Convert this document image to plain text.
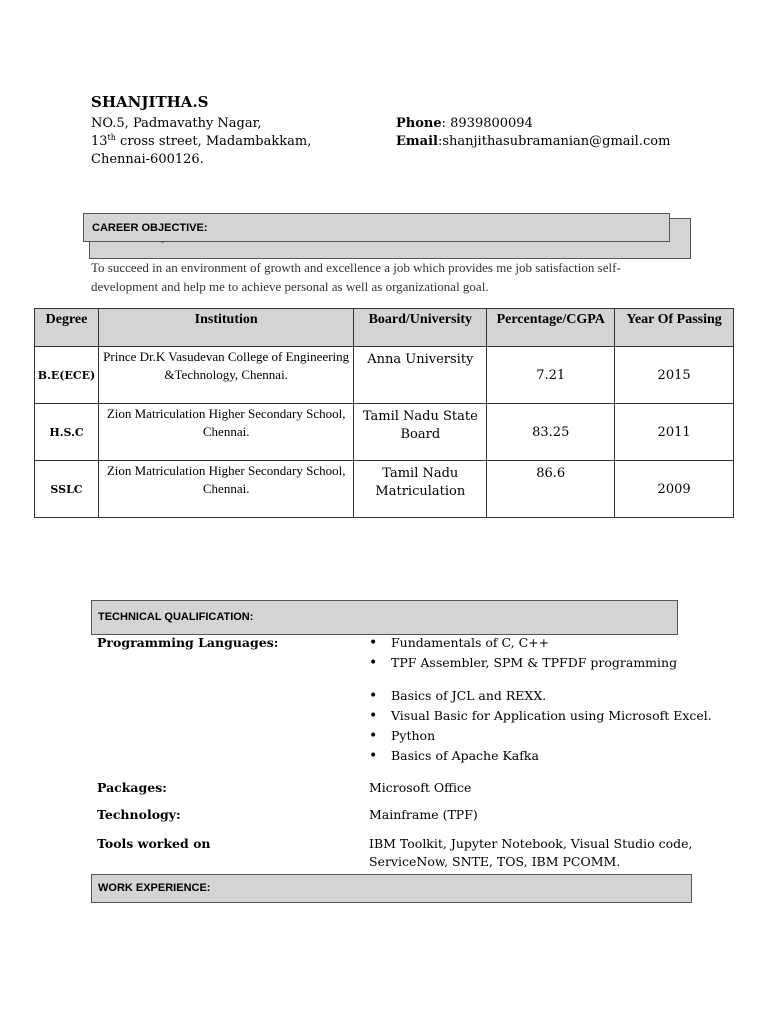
SHANJITHA.S
NO.5, Padmavathy Nagar,
13th cross street, Madambakkam,
Chennai-600126.
Phone: 8939800094
Email:shanjithasubramanian@gmail.com
CAREER OBJECTIVE:
To succeed in an environment of growth and excellence a job which provides me job satisfaction self-development and help me to achieve personal as well as organizational goal.
Degree	Institution	Board/University	Percentage/CGPA	Year Of Passing
B.E(ECE)	Prince Dr.K Vasudevan College of Engineering &Technology, Chennai.	Anna University	7.21	2015
H.S.C	Zion Matriculation Higher Secondary School, Chennai.	Tamil Nadu State Board	83.25	2011
SSLC	Zion Matriculation Higher Secondary School, Chennai.	Tamil Nadu Matriculation	86.6	2009
TECHNICAL QUALIFICATION:
Programming Languages:	• Fundamentals of C, C++
• TPF Assembler, SPM & TPFDF programming
• Basics of JCL and REXX.
• Visual Basic for Application using Microsoft Excel.
• Python
• Basics of Apache Kafka
Packages:	Microsoft Office
Technology:	Mainframe (TPF)
Tools worked on	IBM Toolkit, Jupyter Notebook, Visual Studio code,
ServiceNow, SNTE, TOS, IBM PCOMM.
WORK EXPERIENCE:
